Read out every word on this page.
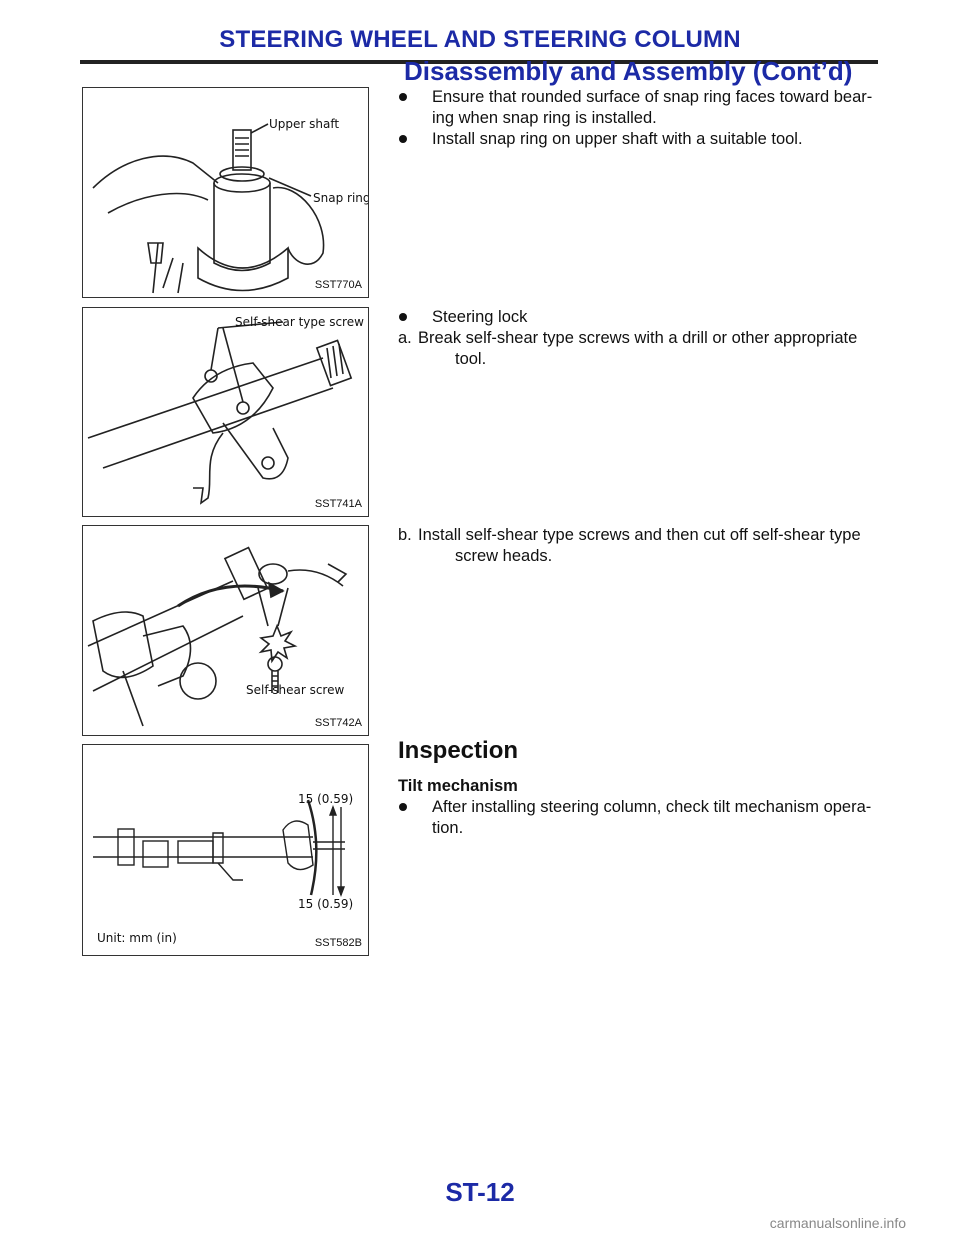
STEERING WHEEL AND STEERING COLUMN
Disassembly and Assembly (Cont’d)
Upper shaft
Snap ring
SST770A
Self-shear type screw
SST741A
Self-shear screw
SST742A
15 (0.59)
15 (0.59)
Unit: mm (in)	SST582B
Ensure that rounded surface of snap ring faces toward bear-
ing when snap ring is installed.
Install snap ring on upper shaft with a suitable tool.
Steering lock
a. Break self-shear type screws with a drill or other appropriate
tool.
b. Install self-shear type screws and then cut off self-shear type
screw heads.
Inspection
Tilt mechanism
After installing steering column, check tilt mechanism opera-
tion.
ST-12
carmanualsonline.info
